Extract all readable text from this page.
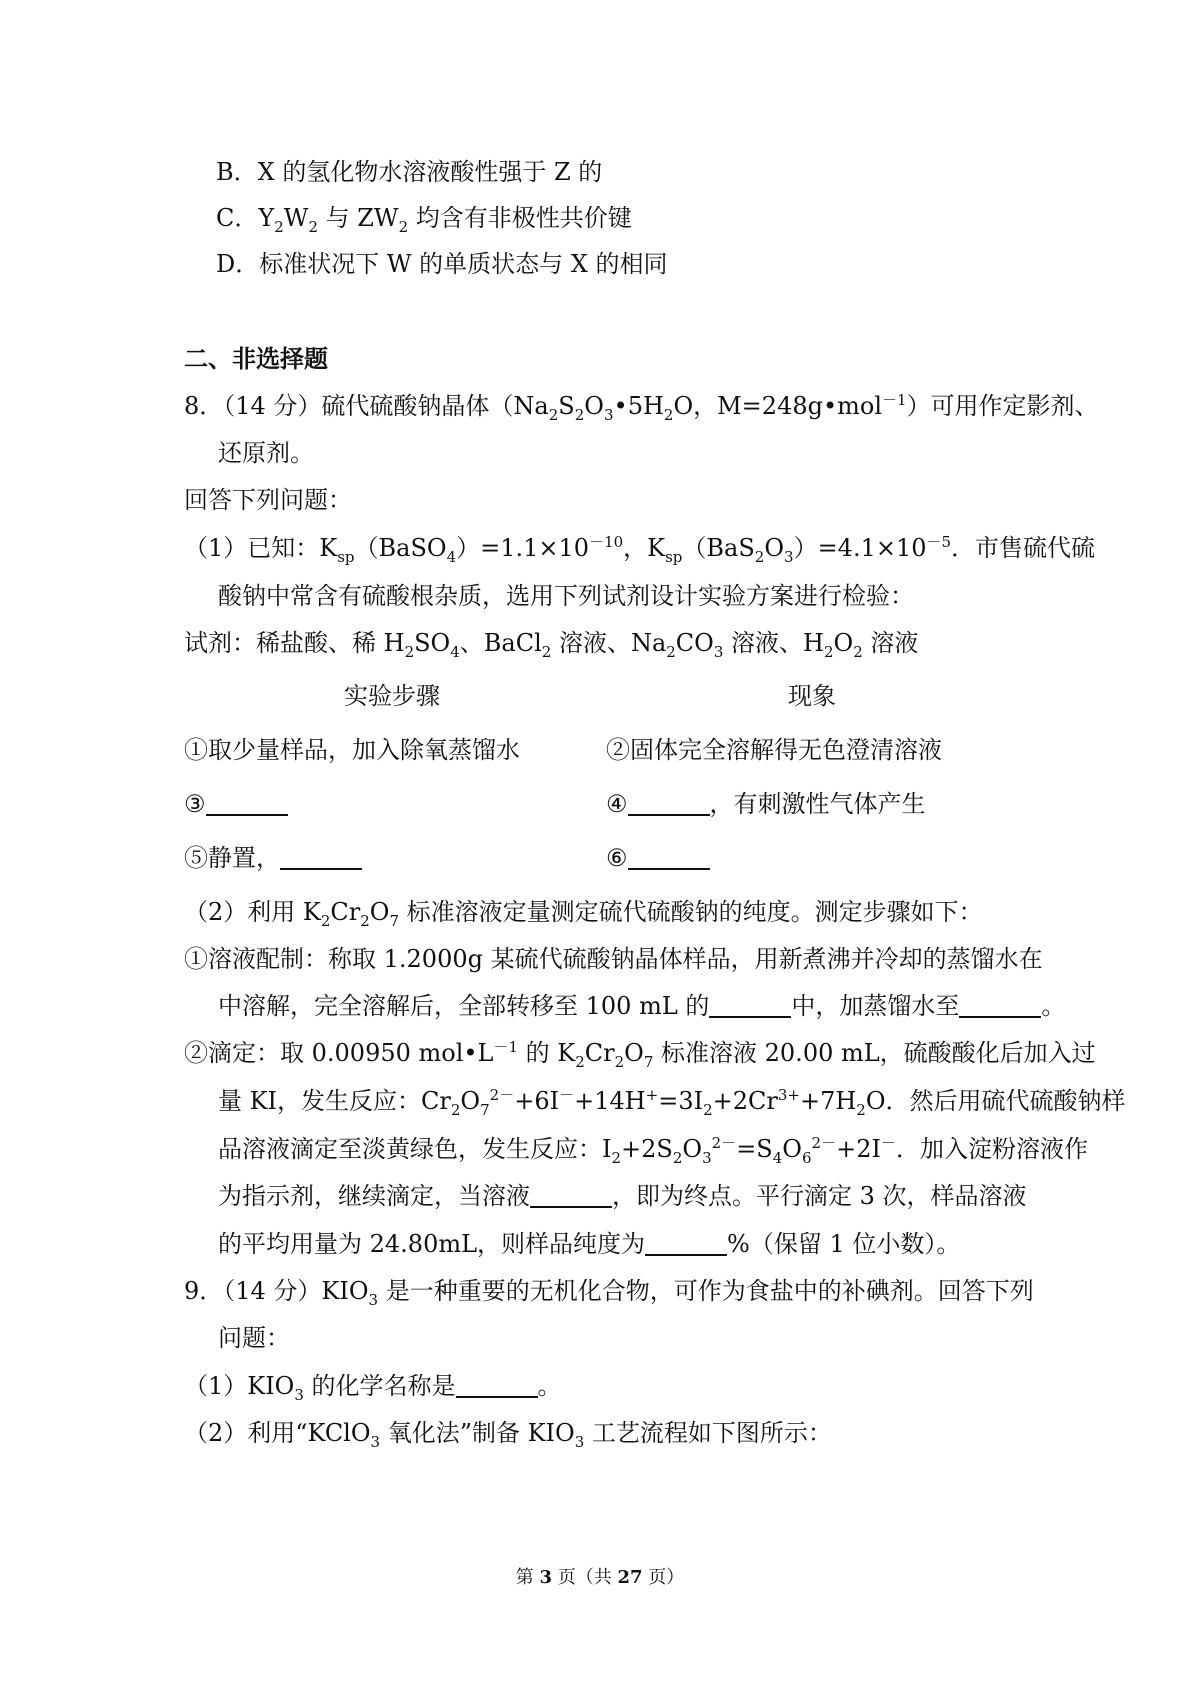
B．X 的氢化物水溶液酸性强于 Z 的
C．$Y_2W_2$ 与 $ZW_2$ 均含有非极性共价键
D．标准状况下 W 的单质状态与 X 的相同
二、非选择题
8．（14 分）硫代硫酸钠晶体（$Na_2S_2O_3•5H_2O$，M=248g•mol$^{-1}$）可用作定影剂、
还原剂。
回答下列问题：
（1）已知：$K_{sp}(BaSO_4)=1.1\times 10^{-10}$，$K_{sp}(BaS_2O_3)=4.1\times 10^{-5}$．市售硫代硫
酸钠中常含有硫酸根杂质，选用下列试剂设计实验方案进行检验：
试剂：稀盐酸、稀 $H_2SO_4$、BaCl$_2$ 溶液、$Na_2CO_3$ 溶液、$H_2O_2$ 溶液
实验步骤	现象
①取少量样品，加入除氧蒸馏水	②固体完全溶解得无色澄清溶液
③	④	，有刺激性气体产生
⑤静置，	⑥
（2）利用 $K_2Cr_2O_7$ 标准溶液定量测定硫代硫酸钠的纯度。测定步骤如下：
①溶液配制：称取 1.2000g 某硫代硫酸钠晶体样品，用新煮沸并冷却的蒸馏水在
中溶解，完全溶解后，全部转移至 100 mL 的	中，加蒸馏水至	。
②滴定：取 0.00950 $mol•L^{-1}$ 的 $K_2Cr_2O_7$ 标准溶液 20.00 mL，硫酸酸化后加入过
量 KI，发生反应：$Cr_2O_7^{2-}+6I^-+14H^+=3I_2+2Cr^{3+}+7H_2O$．然后用硫代硫酸钠样
品溶液滴定至淡黄绿色，发生反应：$I_2+2S_2O_3^{2-}=S_4O_6^{2-}+2I^-$．加入淀粉溶液作
为指示剂，继续滴定，当溶液	，即为终点。平行滴定 3 次，样品溶液
的平均用量为 24.80mL，则样品纯度为	%（保留 1 位小数）。
9．（14 分）$KIO_3$ 是一种重要的无机化合物，可作为食盐中的补碘剂。回答下列
问题：
$(1)KIO_3$ 的化学名称是	。
（2）利用“KClO$_3$ 氧化法”制备 $KIO_3$ 工艺流程如下图所示：
第 3 页（共 27 页）
